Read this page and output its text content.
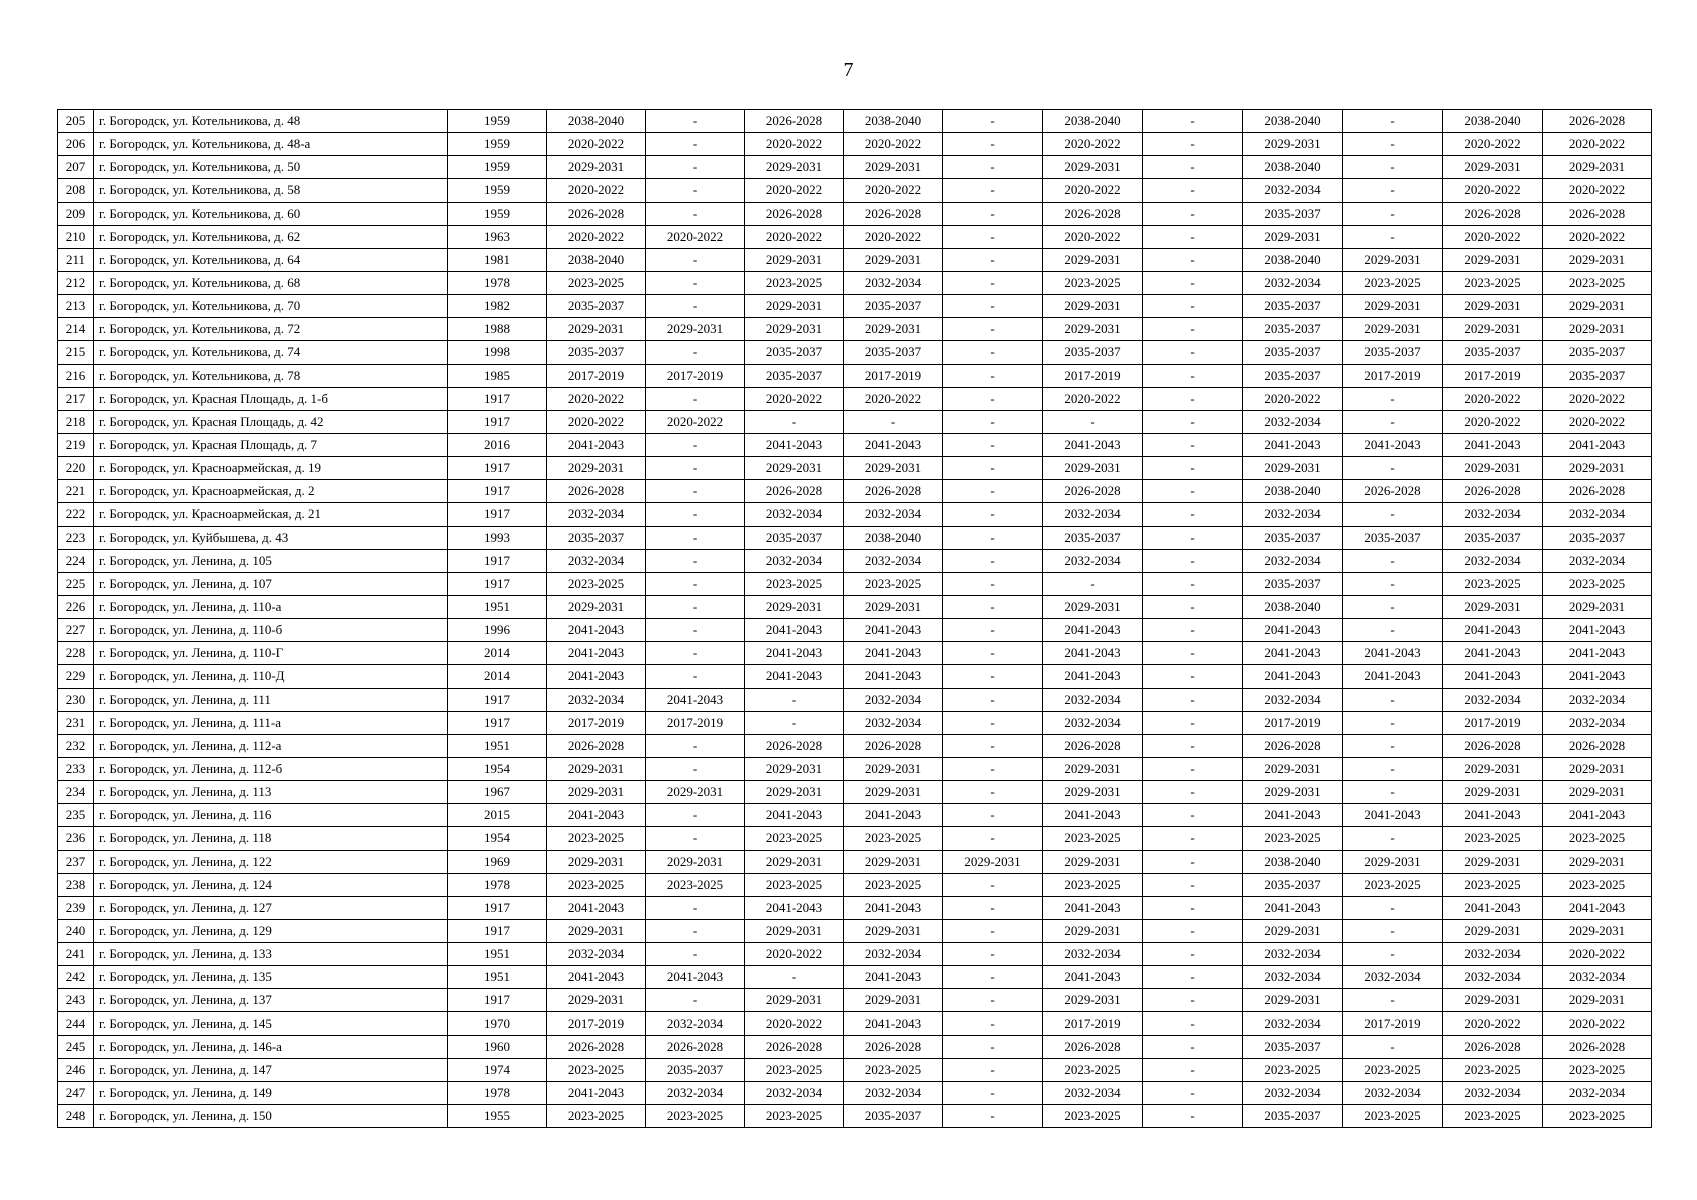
7
205	г. Богородск, ул. Котельникова, д. 48	1959	2038-2040	-	2026-2028	2038-2040	-	2038-2040	-	2038-2040	-	2038-2040	2026-2028
206	г. Богородск, ул. Котельникова, д. 48-а	1959	2020-2022	-	2020-2022	2020-2022	-	2020-2022	-	2029-2031	-	2020-2022	2020-2022
207	г. Богородск, ул. Котельникова, д. 50	1959	2029-2031	-	2029-2031	2029-2031	-	2029-2031	-	2038-2040	-	2029-2031	2029-2031
208	г. Богородск, ул. Котельникова, д. 58	1959	2020-2022	-	2020-2022	2020-2022	-	2020-2022	-	2032-2034	-	2020-2022	2020-2022
209	г. Богородск, ул. Котельникова, д. 60	1959	2026-2028	-	2026-2028	2026-2028	-	2026-2028	-	2035-2037	-	2026-2028	2026-2028
210	г. Богородск, ул. Котельникова, д. 62	1963	2020-2022	2020-2022	2020-2022	2020-2022	-	2020-2022	-	2029-2031	-	2020-2022	2020-2022
211	г. Богородск, ул. Котельникова, д. 64	1981	2038-2040	-	2029-2031	2029-2031	-	2029-2031	-	2038-2040	2029-2031	2029-2031	2029-2031
212	г. Богородск, ул. Котельникова, д. 68	1978	2023-2025	-	2023-2025	2032-2034	-	2023-2025	-	2032-2034	2023-2025	2023-2025	2023-2025
213	г. Богородск, ул. Котельникова, д. 70	1982	2035-2037	-	2029-2031	2035-2037	-	2029-2031	-	2035-2037	2029-2031	2029-2031	2029-2031
214	г. Богородск, ул. Котельникова, д. 72	1988	2029-2031	2029-2031	2029-2031	2029-2031	-	2029-2031	-	2035-2037	2029-2031	2029-2031	2029-2031
215	г. Богородск, ул. Котельникова, д. 74	1998	2035-2037	-	2035-2037	2035-2037	-	2035-2037	-	2035-2037	2035-2037	2035-2037	2035-2037
216	г. Богородск, ул. Котельникова, д. 78	1985	2017-2019	2017-2019	2035-2037	2017-2019	-	2017-2019	-	2035-2037	2017-2019	2017-2019	2035-2037
217	г. Богородск, ул. Красная Площадь, д. 1-б	1917	2020-2022	-	2020-2022	2020-2022	-	2020-2022	-	2020-2022	-	2020-2022	2020-2022
218	г. Богородск, ул. Красная Площадь, д. 42	1917	2020-2022	2020-2022	-	-	-	-	-	2032-2034	-	2020-2022	2020-2022
219	г. Богородск, ул. Красная Площадь, д. 7	2016	2041-2043	-	2041-2043	2041-2043	-	2041-2043	-	2041-2043	2041-2043	2041-2043	2041-2043
220	г. Богородск, ул. Красноармейская, д. 19	1917	2029-2031	-	2029-2031	2029-2031	-	2029-2031	-	2029-2031	-	2029-2031	2029-2031
221	г. Богородск, ул. Красноармейская, д. 2	1917	2026-2028	-	2026-2028	2026-2028	-	2026-2028	-	2038-2040	2026-2028	2026-2028	2026-2028
222	г. Богородск, ул. Красноармейская, д. 21	1917	2032-2034	-	2032-2034	2032-2034	-	2032-2034	-	2032-2034	-	2032-2034	2032-2034
223	г. Богородск, ул. Куйбышева, д. 43	1993	2035-2037	-	2035-2037	2038-2040	-	2035-2037	-	2035-2037	2035-2037	2035-2037	2035-2037
224	г. Богородск, ул. Ленина, д. 105	1917	2032-2034	-	2032-2034	2032-2034	-	2032-2034	-	2032-2034	-	2032-2034	2032-2034
225	г. Богородск, ул. Ленина, д. 107	1917	2023-2025	-	2023-2025	2023-2025	-	-	-	2035-2037	-	2023-2025	2023-2025
226	г. Богородск, ул. Ленина, д. 110-а	1951	2029-2031	-	2029-2031	2029-2031	-	2029-2031	-	2038-2040	-	2029-2031	2029-2031
227	г. Богородск, ул. Ленина, д. 110-б	1996	2041-2043	-	2041-2043	2041-2043	-	2041-2043	-	2041-2043	-	2041-2043	2041-2043
228	г. Богородск, ул. Ленина, д. 110-Г	2014	2041-2043	-	2041-2043	2041-2043	-	2041-2043	-	2041-2043	2041-2043	2041-2043	2041-2043
229	г. Богородск, ул. Ленина, д. 110-Д	2014	2041-2043	-	2041-2043	2041-2043	-	2041-2043	-	2041-2043	2041-2043	2041-2043	2041-2043
230	г. Богородск, ул. Ленина, д. 111	1917	2032-2034	2041-2043	-	2032-2034	-	2032-2034	-	2032-2034	-	2032-2034	2032-2034
231	г. Богородск, ул. Ленина, д. 111-а	1917	2017-2019	2017-2019	-	2032-2034	-	2032-2034	-	2017-2019	-	2017-2019	2032-2034
232	г. Богородск, ул. Ленина, д. 112-а	1951	2026-2028	-	2026-2028	2026-2028	-	2026-2028	-	2026-2028	-	2026-2028	2026-2028
233	г. Богородск, ул. Ленина, д. 112-б	1954	2029-2031	-	2029-2031	2029-2031	-	2029-2031	-	2029-2031	-	2029-2031	2029-2031
234	г. Богородск, ул. Ленина, д. 113	1967	2029-2031	2029-2031	2029-2031	2029-2031	-	2029-2031	-	2029-2031	-	2029-2031	2029-2031
235	г. Богородск, ул. Ленина, д. 116	2015	2041-2043	-	2041-2043	2041-2043	-	2041-2043	-	2041-2043	2041-2043	2041-2043	2041-2043
236	г. Богородск, ул. Ленина, д. 118	1954	2023-2025	-	2023-2025	2023-2025	-	2023-2025	-	2023-2025	-	2023-2025	2023-2025
237	г. Богородск, ул. Ленина, д. 122	1969	2029-2031	2029-2031	2029-2031	2029-2031	2029-2031	2029-2031	-	2038-2040	2029-2031	2029-2031	2029-2031
238	г. Богородск, ул. Ленина, д. 124	1978	2023-2025	2023-2025	2023-2025	2023-2025	-	2023-2025	-	2035-2037	2023-2025	2023-2025	2023-2025
239	г. Богородск, ул. Ленина, д. 127	1917	2041-2043	-	2041-2043	2041-2043	-	2041-2043	-	2041-2043	-	2041-2043	2041-2043
240	г. Богородск, ул. Ленина, д. 129	1917	2029-2031	-	2029-2031	2029-2031	-	2029-2031	-	2029-2031	-	2029-2031	2029-2031
241	г. Богородск, ул. Ленина, д. 133	1951	2032-2034	-	2020-2022	2032-2034	-	2032-2034	-	2032-2034	-	2032-2034	2020-2022
242	г. Богородск, ул. Ленина, д. 135	1951	2041-2043	2041-2043	-	2041-2043	-	2041-2043	-	2032-2034	2032-2034	2032-2034	2032-2034
243	г. Богородск, ул. Ленина, д. 137	1917	2029-2031	-	2029-2031	2029-2031	-	2029-2031	-	2029-2031	-	2029-2031	2029-2031
244	г. Богородск, ул. Ленина, д. 145	1970	2017-2019	2032-2034	2020-2022	2041-2043	-	2017-2019	-	2032-2034	2017-2019	2020-2022	2020-2022
245	г. Богородск, ул. Ленина, д. 146-а	1960	2026-2028	2026-2028	2026-2028	2026-2028	-	2026-2028	-	2035-2037	-	2026-2028	2026-2028
246	г. Богородск, ул. Ленина, д. 147	1974	2023-2025	2035-2037	2023-2025	2023-2025	-	2023-2025	-	2023-2025	2023-2025	2023-2025	2023-2025
247	г. Богородск, ул. Ленина, д. 149	1978	2041-2043	2032-2034	2032-2034	2032-2034	-	2032-2034	-	2032-2034	2032-2034	2032-2034	2032-2034
248	г. Богородск, ул. Ленина, д. 150	1955	2023-2025	2023-2025	2023-2025	2035-2037	-	2023-2025	-	2035-2037	2023-2025	2023-2025	2023-2025
